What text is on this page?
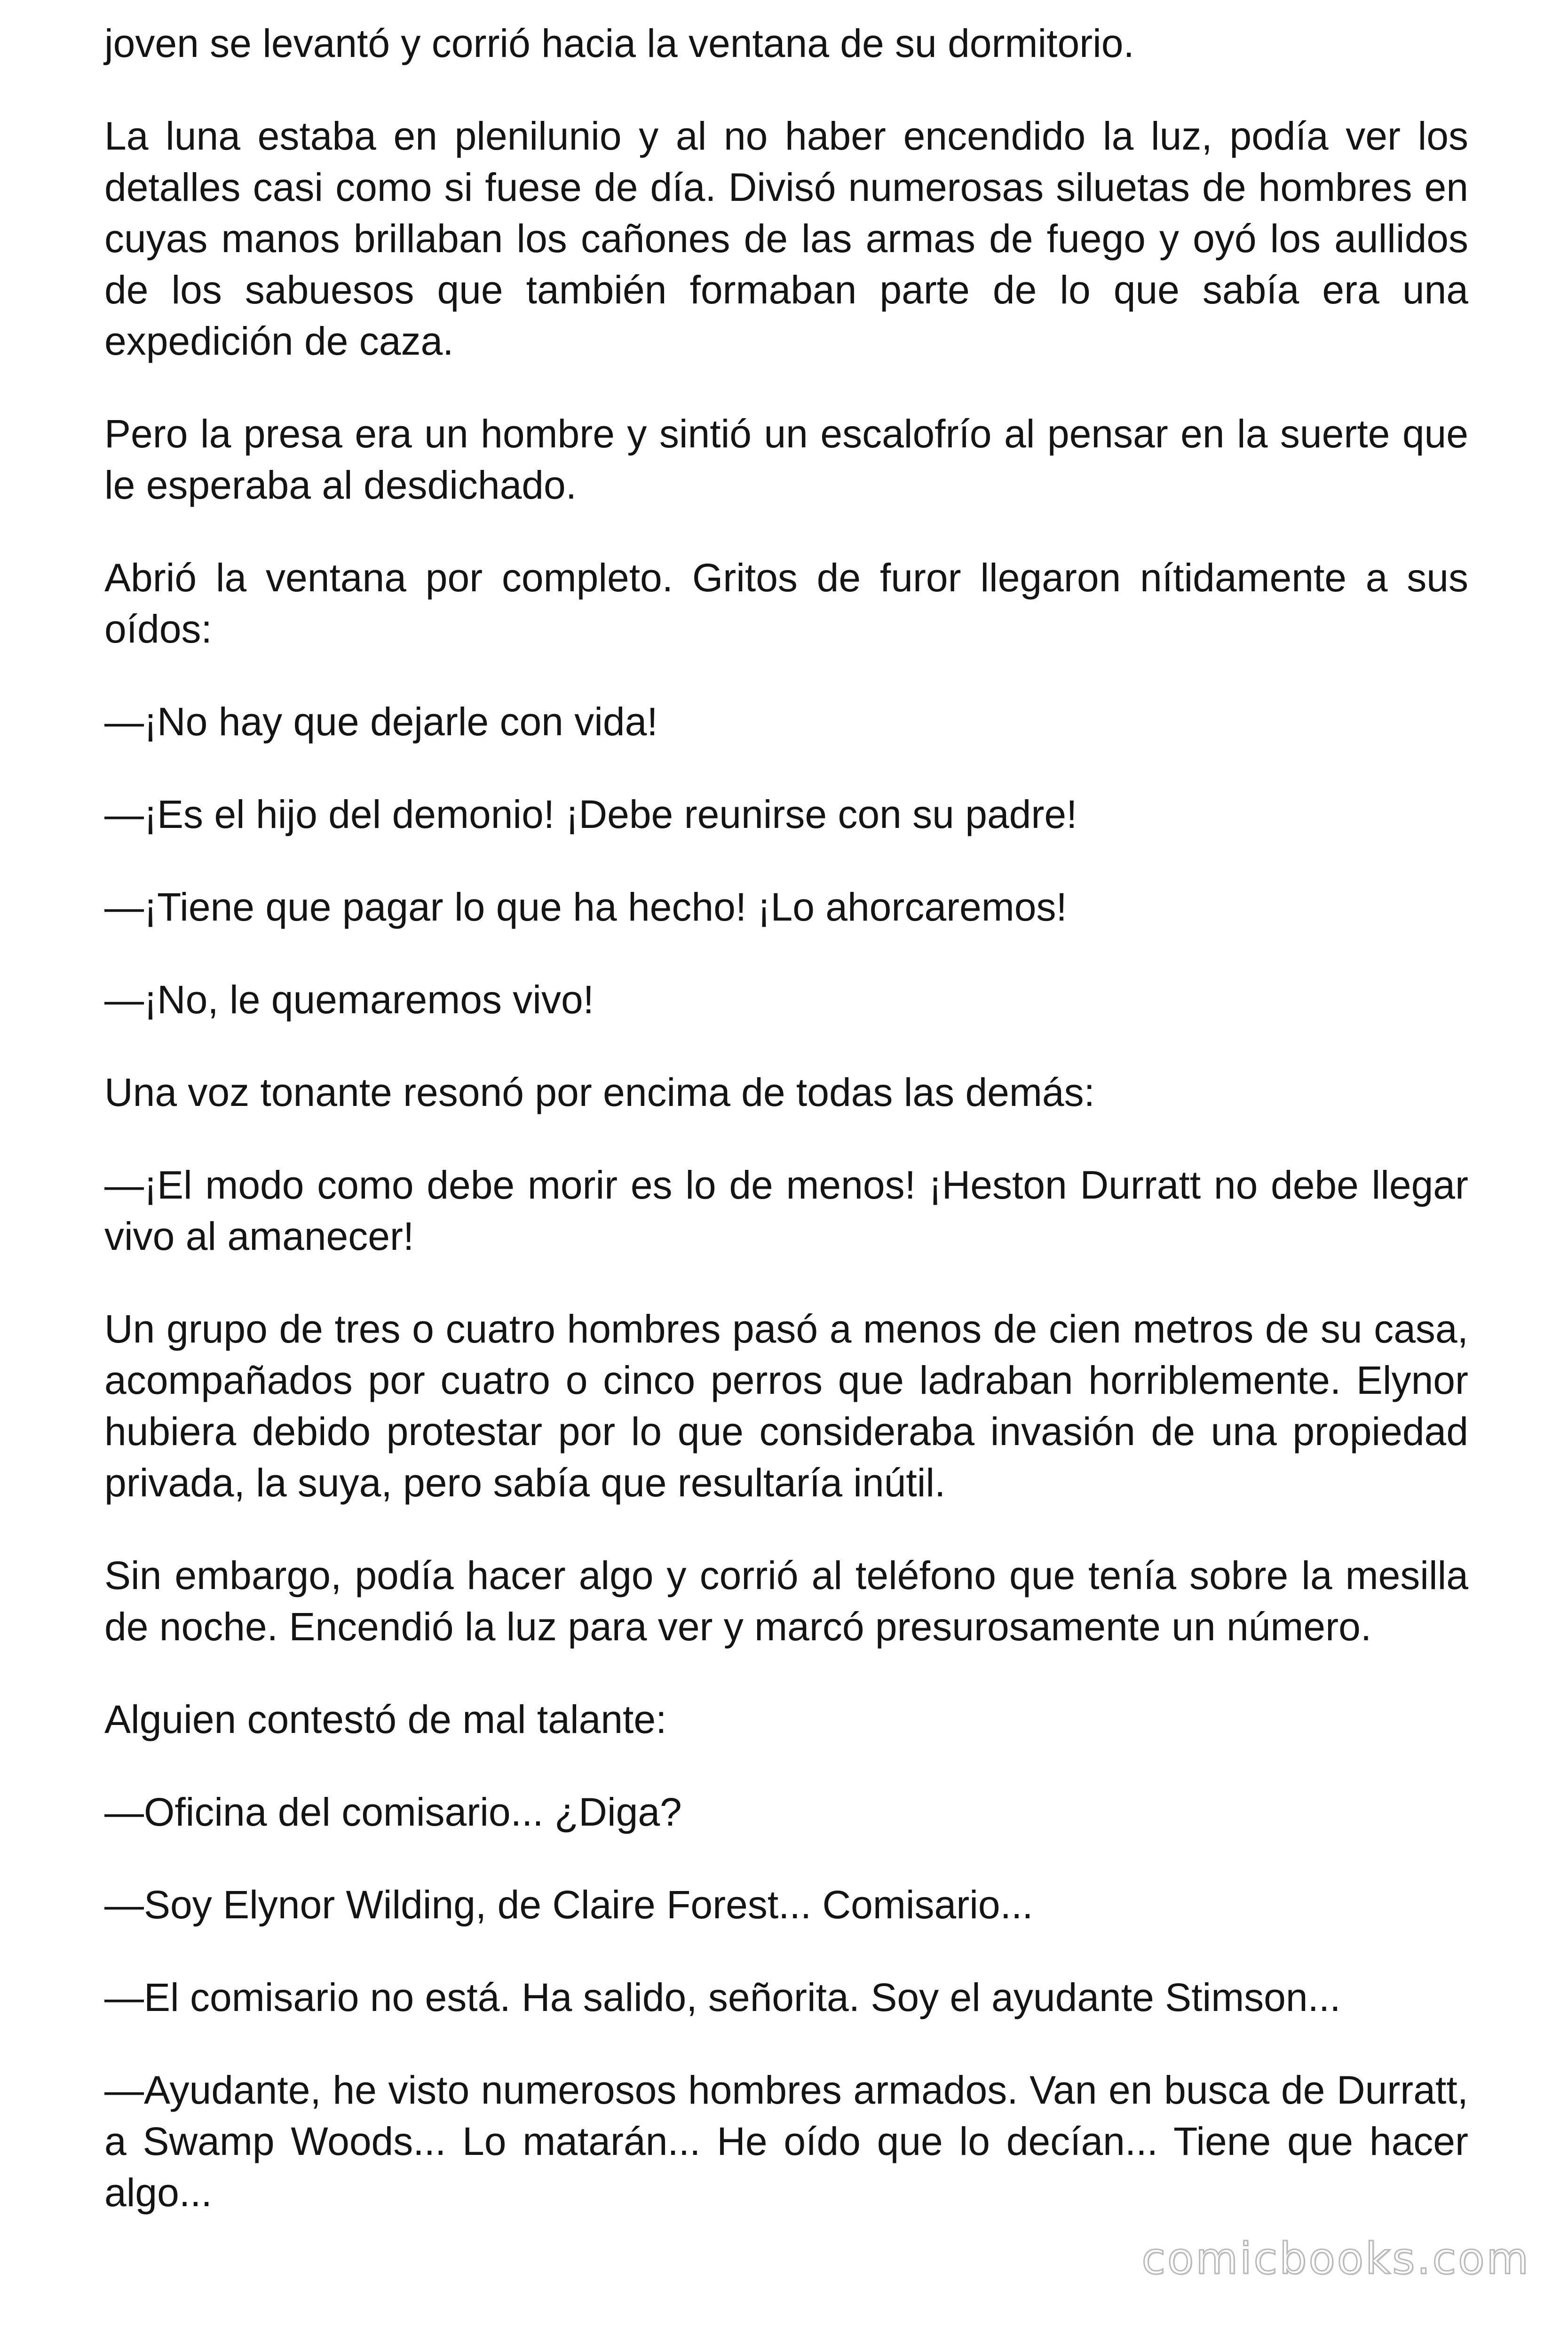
joven se levantó y corrió hacia la ventana de su dormitorio.

La luna estaba en plenilunio y al no haber encendido la luz, podía ver los detalles casi como si fuese de día. Divisó numerosas siluetas de hombres en cuyas manos brillaban los cañones de las armas de fuego y oyó los aullidos de los sabuesos que también formaban parte de lo que sabía era una expedición de caza.

Pero la presa era un hombre y sintió un escalofrío al pensar en la suerte que le esperaba al desdichado.

Abrió la ventana por completo. Gritos de furor llegaron nítidamente a sus oídos:

—¡No hay que dejarle con vida!

—¡Es el hijo del demonio! ¡Debe reunirse con su padre!

—¡Tiene que pagar lo que ha hecho! ¡Lo ahorcaremos!

—¡No, le quemaremos vivo!

Una voz tonante resonó por encima de todas las demás:

—¡El modo como debe morir es lo de menos! ¡Heston Durratt no debe llegar vivo al amanecer!

Un grupo de tres o cuatro hombres pasó a menos de cien metros de su casa, acompañados por cuatro o cinco perros que ladraban horriblemente. Elynor hubiera debido protestar por lo que consideraba invasión de una propiedad privada, la suya, pero sabía que resultaría inútil.

Sin embargo, podía hacer algo y corrió al teléfono que tenía sobre la mesilla de noche. Encendió la luz para ver y marcó presurosamente un número.

Alguien contestó de mal talante:

—Oficina del comisario... ¿Diga?

—Soy Elynor Wilding, de Claire Forest... Comisario...

—El comisario no está. Ha salido, señorita. Soy el ayudante Stimson...

—Ayudante, he visto numerosos hombres armados. Van en busca de Durratt, a Swamp Woods... Lo matarán... He oído que lo decían... Tiene que hacer algo...

comicbooks.com
